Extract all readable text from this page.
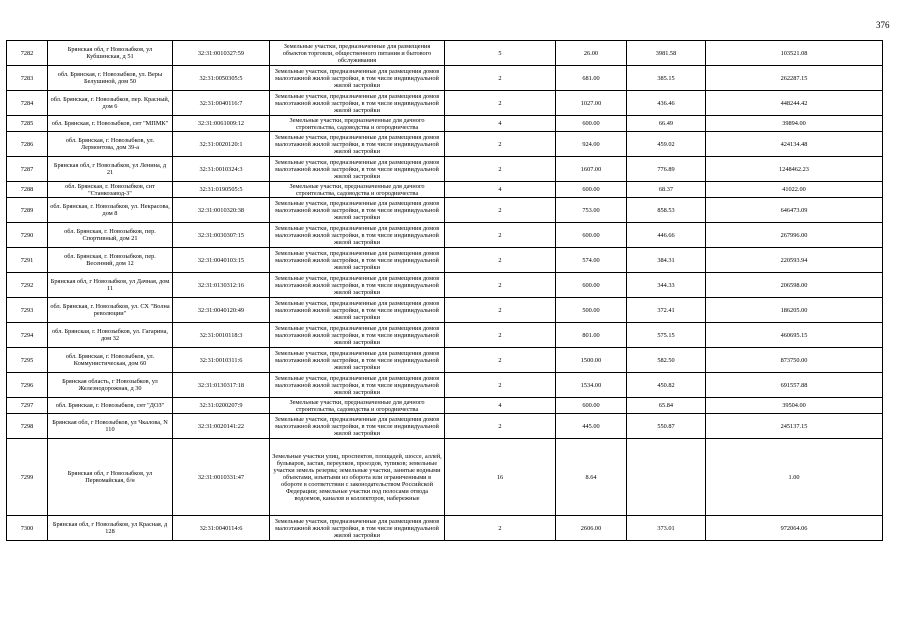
376
7282	Брянская обл, г Новозыбков, ул Кубшинская, д 51	32:31:0010327:59	Земельные участки, предназначенные для размещения объектов торговли, общественного питания и бытового обслуживания	5	26.00	3981.58	103521.08
7283	обл. Брянская, г. Новозыбков, ул. Веры Белушиной, дом 50	32:31:0050305:5	Земельные участки, предназначенные для размещения домов малоэтажной жилой застройки, в том числе индивидуальной жилой застройки	2	681.00	385.15	262287.15
7284	обл. Брянская, г. Новозыбков, пер. Красный, дом 6	32:31:0040116:7	Земельные участки, предназначенные для размещения домов малоэтажной жилой застройки, в том числе индивидуальной жилой застройки	2	1027.00	436.46	448244.42
7285	обл. Брянская, г. Новозыбков, снт "МПМК"	32:31:0061009:12	Земельные участки, предназначенные для дачного строительства, садоводства и огородничества	4	600.00	66.49	39894.00
7286	обл. Брянская, г. Новозыбков, ул. Лермонтова, дом 39-а	32:31:0020120:1	Земельные участки, предназначенные для размещения домов малоэтажной жилой застройки, в том числе индивидуальной жилой застройки	2	924.00	459.02	424134.48
7287	Брянская обл, г Новозыбков, ул Ленина, д 21	32:31:0010324:3	Земельные участки, предназначенные для размещения домов малоэтажной жилой застройки, в том числе индивидуальной жилой застройки	2	1607.00	776.89	1248462.23
7288	обл. Брянская, г. Новозыбков, снт "Станкозавод-3"	32:31:0190505:5	Земельные участки, предназначенные для дачного строительства, садоводства и огородничества	4	600.00	68.37	41022.00
7289	обл. Брянская, г. Новозыбков, ул. Некрасова, дом 8	32:31:0010320:38	Земельные участки, предназначенные для размещения домов малоэтажной жилой застройки, в том числе индивидуальной жилой застройки	2	753.00	858.53	646473.09
7290	обл. Брянская, г. Новозыбков, пер. Спортивный, дом 21	32:31:0030307:15	Земельные участки, предназначенные для размещения домов малоэтажной жилой застройки, в том числе индивидуальной жилой застройки	2	600.00	446.66	267996.00
7291	обл. Брянская, г. Новозыбков, пер. Весенний, дом 12	32:31:0040103:15	Земельные участки, предназначенные для размещения домов малоэтажной жилой застройки, в том числе индивидуальной жилой застройки	2	574.00	384.31	220593.94
7292	Брянская обл, г Новозыбков, ул Дачная, дом 11	32:31:0130312:16	Земельные участки, предназначенные для размещения домов малоэтажной жилой застройки, в том числе индивидуальной жилой застройки	2	600.00	344.33	206598.00
7293	обл. Брянская, г. Новозыбков, ул. СХ "Волна революции"	32:31:0040120:49	Земельные участки, предназначенные для размещения домов малоэтажной жилой застройки, в том числе индивидуальной жилой застройки	2	500.00	372.41	186205.00
7294	обл. Брянская, г. Новозыбков, ул. Гагарина, дом 32	32:31:0010118:3	Земельные участки, предназначенные для размещения домов малоэтажной жилой застройки, в том числе индивидуальной жилой застройки	2	801.00	575.15	460695.15
7295	обл. Брянская, г. Новозыбков, ул. Коммунистическая, дом 60	32:31:0010311:6	Земельные участки, предназначенные для размещения домов малоэтажной жилой застройки, в том числе индивидуальной жилой застройки	2	1500.00	582.50	873750.00
7296	Брянская область, г Новозыбков, ул Железнодорожная, д 30	32:31:0130317:18	Земельные участки, предназначенные для размещения домов малоэтажной жилой застройки, в том числе индивидуальной жилой застройки	2	1534.00	450.82	691557.88
7297	обл. Брянская, г. Новозыбков, снт "ДОЗ"	32:31:0200207:9	Земельные участки, предназначенные для дачного строительства, садоводства и огородничества	4	600.00	65.84	39504.00
7298	Брянская обл, г Новозыбков, ул Чкалова, N 110	32:31:0020141:22	Земельные участки, предназначенные для размещения домов малоэтажной жилой застройки, в том числе индивидуальной жилой застройки	2	445.00	550.87	245137.15
7299	Брянская обл, г Новозыбков, ул Первомайская, б/н	32:31:0010331:47	Земельные участки улиц, проспектов, площадей, шоссе, аллей, бульваров, застав, переулков, проездов, тупиков; земельные участки земель резерва; земельные участки, занятые водными объектами, изъятыми из оборота или ограниченными в обороте в соответствии с законодательством Российской Федерации; земельные участки под полосами отвода водоемов, каналов и коллекторов, набережные	16	8.64		1.00
7300	Брянская обл, г Новозыбков, ул Красная, д 128	32:31:0040114:6	Земельные участки, предназначенные для размещения домов малоэтажной жилой застройки, в том числе индивидуальной жилой застройки	2	2606.00	373.01	972064.06
